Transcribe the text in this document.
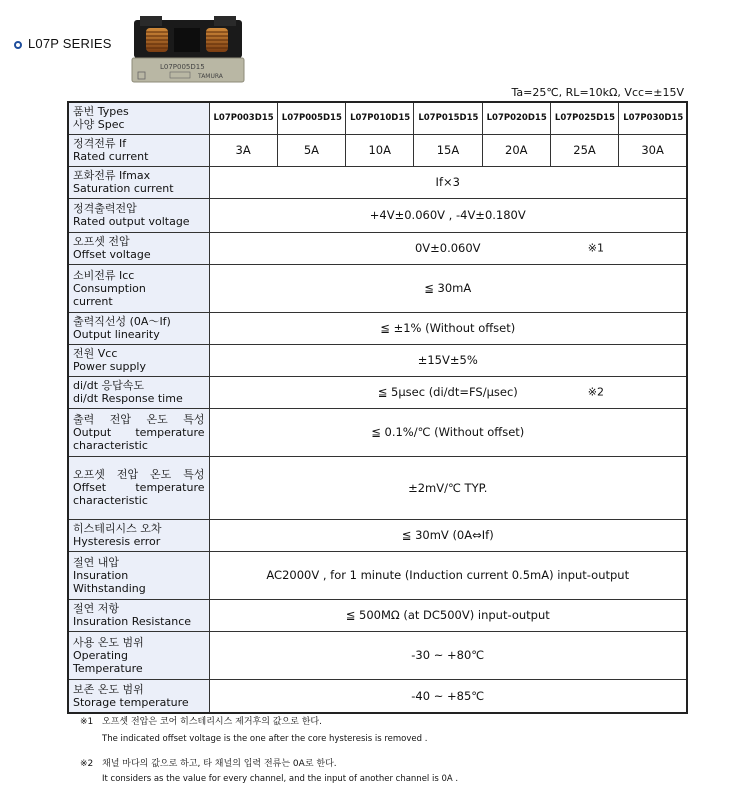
L07P SERIES
L07P005D15
TAMURA
Ta=25℃, RL=10kΩ, Vcc=±15V
품번 Types
사양 Spec	L07P003D15	L07P005D15	L07P010D15	L07P015D15	L07P020D15	L07P025D15	L07P030D15

정격전류 If
Rated current	3A	5A	10A	15A	20A	25A	30A

포화전류 Ifmax
Saturation current	If×3						

정격출력전압
Rated output voltage	+4V±0.060V , -4V±0.180V						

오프셋 전압
Offset voltage	0V±0.060V ※1						

소비전류 Icc
Consumption current	≦ 30mA						

출력직선성 (0A～If)
Output linearity	≦ ±1% (Without offset)						

전원 Vcc
Power supply	±15V±5%						

di/dt 응답속도
di/dt Response time	≦ 5μsec (di/dt=FS/μsec) ※2						

출력 전압 온도 특성
Output temperature characteristic	≦ 0.1%/℃ (Without offset)						

오프셋 전압 온도 특성
Offset temperature characteristic	±2mV/℃ TYP.						

히스테리시스 오차
Hysteresis error	≦ 30mV (0A⇔If)						

절연 내압
Insuration Withstanding	AC2000V , for 1 minute (Induction current 0.5mA) input-output						

절연 저항
Insuration Resistance	≦ 500MΩ (at DC500V) input-output						

사용 온도 범위
Operating Temperature	-30 ~ +80℃						

보존 온도 범위
Storage temperature	-40 ~ +85℃						
※1 오프셋 전압은 코어 히스테리시스 제거후의 값으로 한다.
The indicated offset voltage is the one after the core hysteresis is removed .
※2 채널 마다의 값으로 하고, 타 채널의 입력 전류는 0A로 한다.
It considers as the value for every channel, and the input of another channel is 0A .
